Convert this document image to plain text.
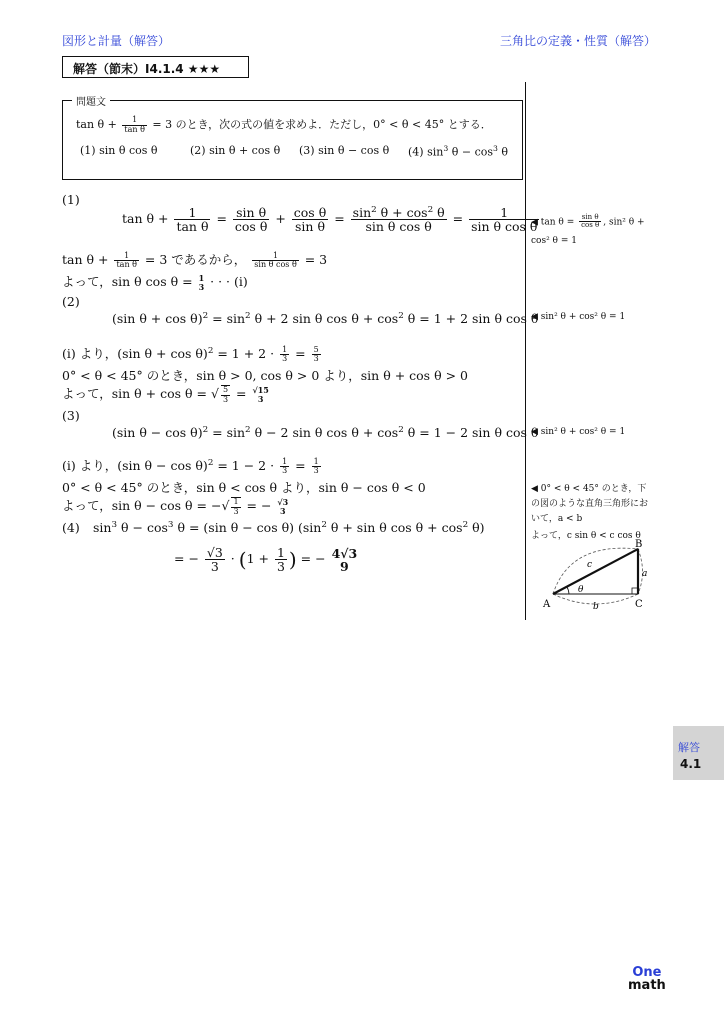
図形と計量（解答）	三角比の定義・性質（解答）
解答（節末）I4.1.4 ★★★
問題文
$\tan \theta + \frac{1}{\text{tan θ}} = 3$ のとき，次の式の値を求めよ．ただし，0° < θ < 45° とする．
(1) sin θ cos θ	(2) sin θ + cos θ (3) sin θ − cos θ (4) $\sin^3 \theta - \cos^3 \theta$
(1)
$\tan \theta + \frac{1}{\text{tan θ}} = \frac{\text{sin θ}}{\text{cos θ}} + \frac{\text{cos θ}}{\text{sin θ}} = \frac{\sin^2 \theta + \cos^2 \theta}{\text{sin θ cos θ}} = \frac{1}{\text{sin θ cos θ}}$
$\tan \theta + \frac{1}{\text{tan θ}} = 3$ であるから， $\frac{1}{\text{sin θ cos θ}} = 3$
よって，sin θ cos θ = 1
3 · · · (i)
(2)
(sin $\theta + \cos \theta)^2 = \sin^2 \theta + 2$ sin θ $\cos \theta + \cos^2 \theta = 1 + 2$ sin θ cos θ
(i) より，(sin $\theta + \cos \theta)^2 = 1 + 2 \cdot \frac{1}{3} = \frac{5}{3}$
0° < θ < 45° のとき，sin θ > 0, cos θ > 0 より，sin θ + cos θ > 0
よって，sin θ + cos θ = √ $\frac{5}{3} = √15$
3
(3)
(sin $\theta - \cos \theta)^2 = \sin^2 \theta - 2$ sin θ $\cos \theta + \cos^2 \theta = 1 - 2$ sin θ cos θ
(i) より，(sin $\theta - \cos \theta)^2 = 1 - 2 \cdot \frac{1}{3} = \frac{1}{3}$
0° < θ < 45° のとき，sin θ < cos θ より，sin θ − cos θ < 0
よって，sin θ − cos θ = −√ $\frac{1}{3}$ = − √3
3
(4) $\sin^3 \theta - \cos^3 \theta = (\sin$ θ − cos θ) ($\sin^2$ θ + sin θ $\cos \theta + \cos^2 \theta$)
= − $\frac{√3}{3} \cdot (1 + \frac{1}{3}$ ) = − 4√3
9
◀ $\tan \theta = \frac{\text{sin θ}}{\text{cos θ}}$ , sin² θ +
cos² θ = 1
◀ sin² θ + cos² θ = 1
◀ sin² θ + cos² θ = 1
◀ 0° < θ < 45° のとき，下
の図のような直角三角形にお
いて，a < b
よって，c sin θ < c cos θ
A
B
C
a
b
c
θ
解答
4.1
One
math
